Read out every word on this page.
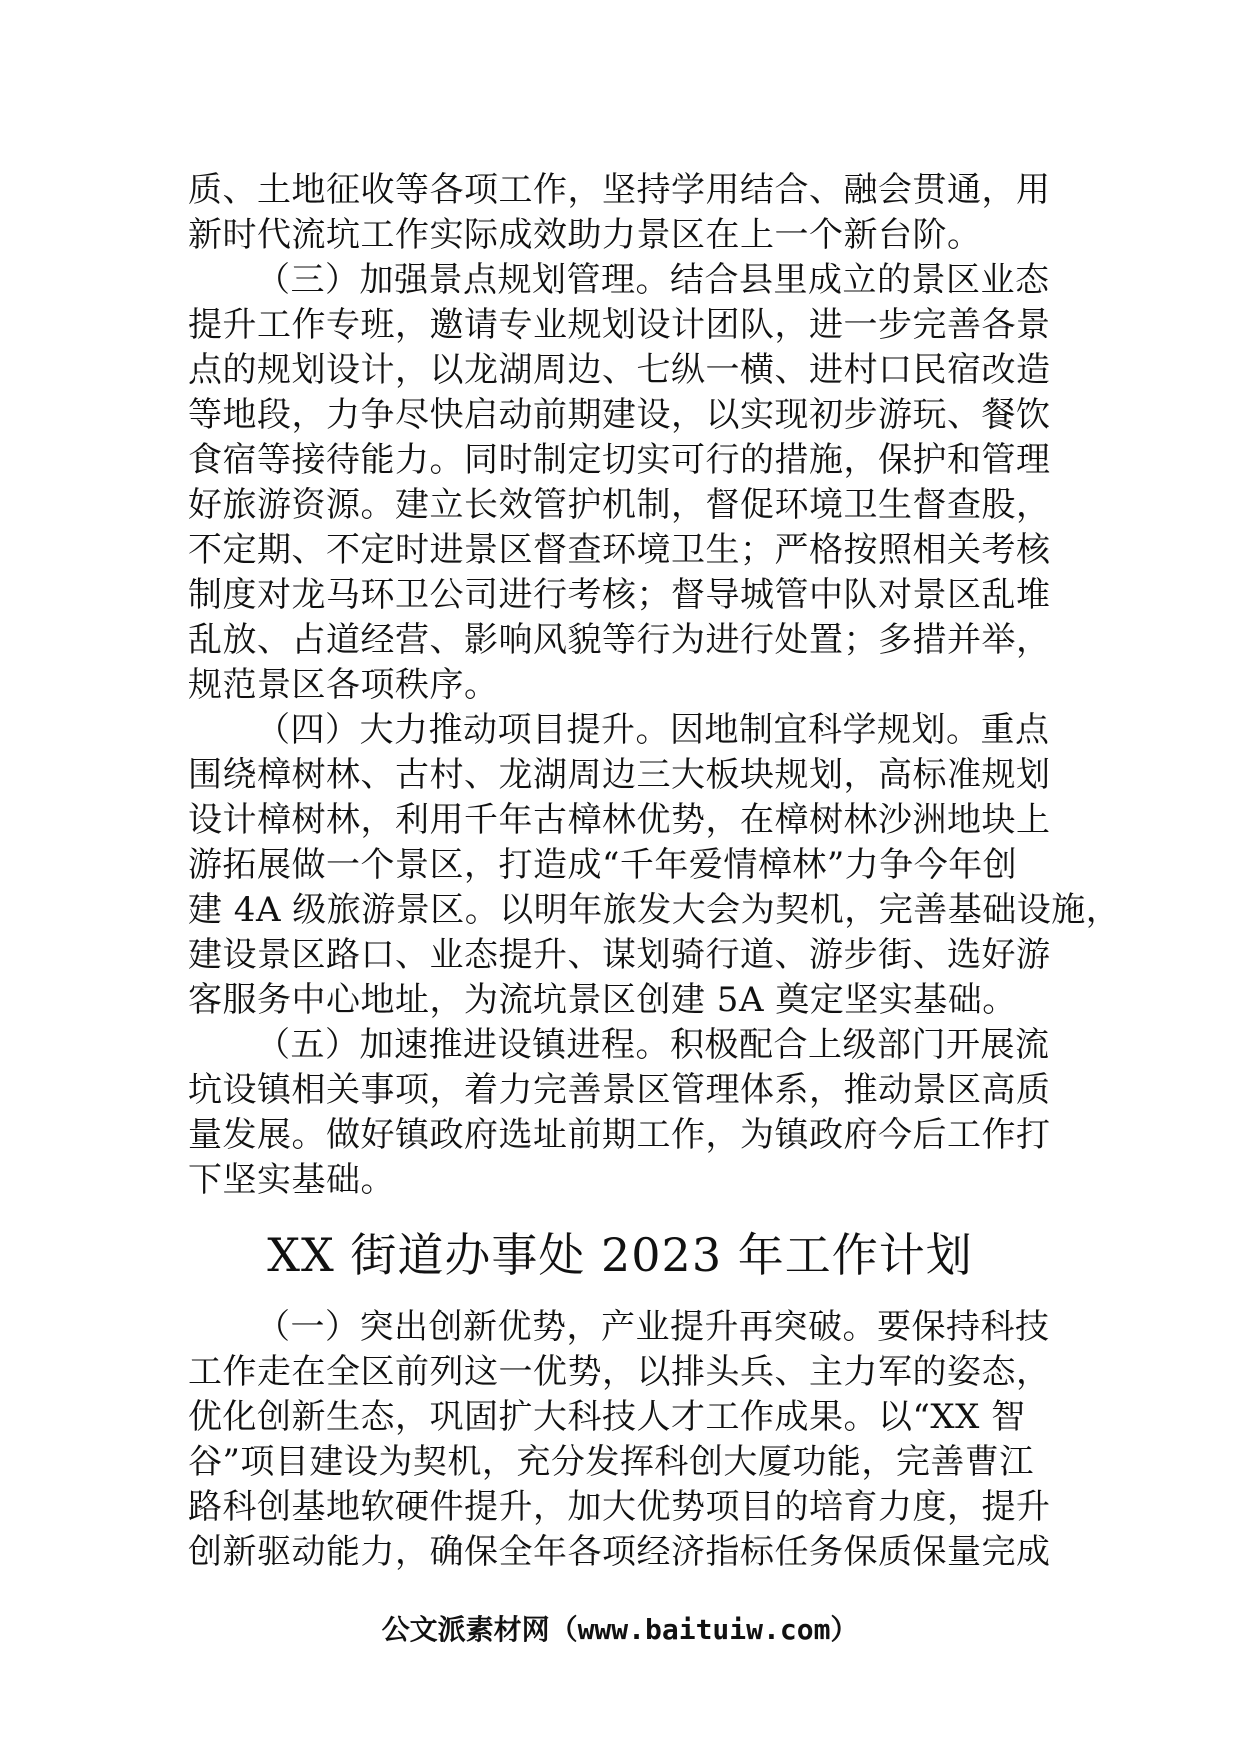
质、土地征收等各项工作，坚持学用结合、融会贯通，用
新时代流坑工作实际成效助力景区在上一个新台阶。
（三）加强景点规划管理。结合县里成立的景区业态
提升工作专班，邀请专业规划设计团队，进一步完善各景
点的规划设计，以龙湖周边、七纵一横、进村口民宿改造
等地段，力争尽快启动前期建设，以实现初步游玩、餐饮
食宿等接待能力。同时制定切实可行的措施，保护和管理
好旅游资源。建立长效管护机制，督促环境卫生督查股，
不定期、不定时进景区督查环境卫生；严格按照相关考核
制度对龙马环卫公司进行考核；督导城管中队对景区乱堆
乱放、占道经营、影响风貌等行为进行处置；多措并举，
规范景区各项秩序。
（四）大力推动项目提升。因地制宜科学规划。重点
围绕樟树林、古村、龙湖周边三大板块规划，高标准规划
设计樟树林，利用千年古樟林优势，在樟树林沙洲地块上
游拓展做一个景区，打造成“千年爱情樟林”力争今年创
建 4A 级旅游景区。以明年旅发大会为契机，完善基础设施，
建设景区路口、业态提升、谋划骑行道、游步街、选好游
客服务中心地址，为流坑景区创建 5A 奠定坚实基础。
（五）加速推进设镇进程。积极配合上级部门开展流
坑设镇相关事项，着力完善景区管理体系，推动景区高质
量发展。做好镇政府选址前期工作，为镇政府今后工作打
下坚实基础。
XX 街道办事处 2023 年工作计划
（一）突出创新优势，产业提升再突破。要保持科技
工作走在全区前列这一优势，以排头兵、主力军的姿态，
优化创新生态，巩固扩大科技人才工作成果。以“XX 智
谷”项目建设为契机，充分发挥科创大厦功能，完善曹江
路科创基地软硬件提升，加大优势项目的培育力度，提升
创新驱动能力，确保全年各项经济指标任务保质保量完成
公文派素材网（www.baituiw.com）
